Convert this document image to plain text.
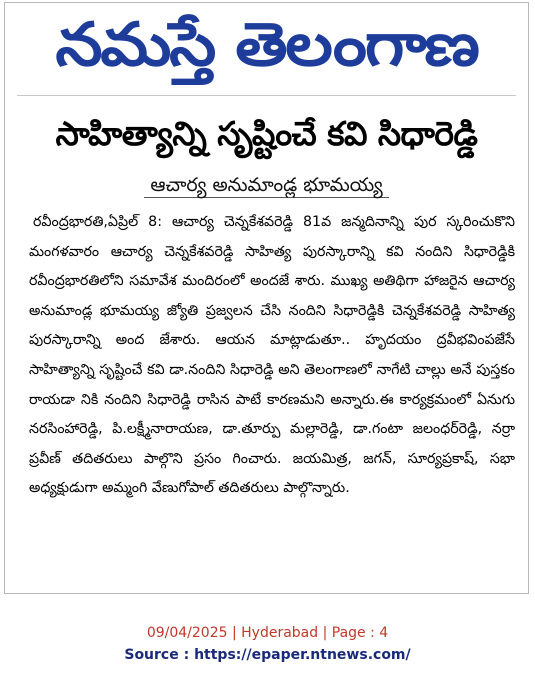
నమస్తే తెలంగాణ
సాహిత్యాన్ని సృష్టించే కవి సిధారెడ్డి
ఆచార్య అనుమాండ్ల భూమయ్య
రవీంద్రభారతి,ఏప్రిల్ 8: ఆచార్య చెన్నకేశవరెడ్డి 81వ జన్మదినాన్ని పుర స్కరించుకొని మంగళవారం ఆచార్య చెన్నకేశవరెడ్డి సాహిత్య పురస్కారాన్ని కవి నందిని సిధారెడ్డికి రవీంద్రభారతిలోని సమావేశ మందిరంలో అందజే శారు. ముఖ్య అతిథిగా హాజరైన ఆచార్య అనుమాండ్ల భూమయ్య జ్యోతి ప్రజ్వలన చేసి నందిని సిధారెడ్డికి చెన్నకేశవరెడ్డి సాహిత్య పురస్కారాన్ని అంద జేశారు. ఆయన మాట్లాడుతూ.. హృదయం ద్రవీభవింపజేసే సాహిత్యాన్ని సృష్టించే కవి డా.నందిని సిధారెడ్డి అని తెలంగాణలో నాగేటి చాల్లు అనే పుస్తకం రాయడా నికి నందిని సిధారెడ్డి రాసిన పాటే కారణమని అన్నారు.ఈ కార్యక్రమంలో ఏనుగు నరసింహారెడ్డి, పి.లక్ష్మీనారాయణ, డా.తూర్పు మల్లారెడ్డి, డా.గంటా జలంధర్‌రెడ్డి, నర్రా ప్రవీణ్ తదితరులు పాల్గొని ప్రసం గించారు. జయమిత్ర, జగన్, సూర్యప్రకాష్, సభా అధ్యక్షుడుగా అమ్మంగి వేణుగోపాల్ తదితరులు పాల్గొన్నారు.
09/04/2025 | Hyderabad | Page : 4
Source : https://epaper.ntnews.com/
